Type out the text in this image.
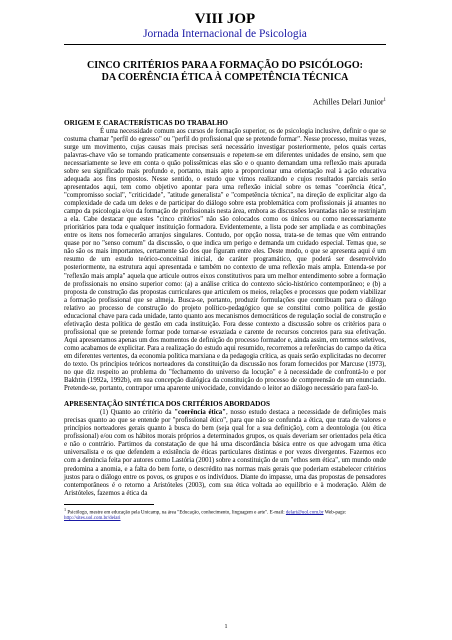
VIII JOP
Jornada Internacional de Psicologia
CINCO CRITÉRIOS PARA A FORMAÇÃO DO PSICÓLOGO:
DA COERÊNCIA ÉTICA À COMPETÊNCIA TÉCNICA
Achilles Delari Junior$^1$
ORIGEM E CARACTERÍSTICAS DO TRABALHO

É uma necessidade comum aos cursos de formação superior, os de psicologia inclusive, definir o que se costuma chamar "perfil do egresso" ou "perfil do profissional que se pretende formar". Nesse processo, muitas vezes, surge um movimento, cujas causas mais precisas será necessário investigar posteriormente, pelos quais certas palavras-chave vão se tornando praticamente consensuais e repetem-se em diferentes unidades de ensino, sem que necessariamente se leve em conta o quão polissêmicas elas são e o quanto demandam uma reflexão mais apurada sobre seu significado mais profundo e, portanto, mais apto a proporcionar uma orientação real à ação educativa adequada aos fins propostos. Nesse sentido, o estudo que vimos realizando e cujos resultados parciais serão apresentados aqui, tem como objetivo apontar para uma reflexão inicial sobre os temas "coerência ética", "compromisso social", "criticidade", "atitude generalista" e "competência técnica", na direção de explicitar algo da complexidade de cada um deles e de participar do diálogo sobre esta problemática com profissionais já atuantes no campo da psicologia e/ou da formação de profissionais nesta área, embora as discussões levantadas não se restrinjam a ela. Cabe destacar que estes "cinco critérios" não são colocados como os únicos ou como necessariamente prioritários para toda e qualquer instituição formadora. Evidentemente, a lista pode ser ampliada e as combinações entre os itens nos fornecerão arranjos singulares. Contudo, por opção nossa, trata-se de temas que vêm entrando quase por no "senso comum" da discussão, o que indica um perigo e demanda um cuidado especial. Temas que, se não são os mais importantes, certamente são dos que figuram entre eles. Deste modo, o que se apresenta aqui é um resumo de um estudo teórico-conceitual inicial, de caráter programático, que poderá ser desenvolvido posteriormente, na estrutura aqui apresentada e também no contexto de uma reflexão mais ampla. Entenda-se por "reflexão mais ampla" aquela que articule outros eixos constitutivos para um melhor entendimento sobre a formação de profissionais no ensino superior como: (a) a análise crítica do contexto sócio-histórico contemporâneo; e (b) a proposta de construção das propostas curriculares que articulem os meios, relações e processos que podem viabilizar a formação profissional que se almeja. Busca-se, portanto, produzir formulações que contribuam para o diálogo relativo ao processo de construção do projeto político-pedagógico que se constitui como política de gestão educacional chave para cada unidade, tanto quanto aos mecanismos democráticos de regulação social de construção e efetivação desta política de gestão em cada instituição. Fora desse contexto a discussão sobre os critérios para o profissional que se pretende formar pode tornar-se esvaziada e carente de recursos concretos para sua efetivação. Aqui apresentamos apenas um dos momentos de definição do processo formador e, ainda assim, em termos seletivos, como acabamos de explicitar. Para a realização do estudo aqui resumido, recorremos a referências do campo da ética em diferentes vertentes, da economia política marxiana e da pedagogia crítica, as quais serão explicitadas no decorrer do texto. Os princípios teóricos norteadores da constituição da discussão nos foram fornecidos por Marcuse (1973), no que diz respeito ao problema do "fechamento do universo da locução" e à necessidade de confrontá-lo e por Bakhtin (1992a, 1992b), em sua concepção dialógica da constituição do processo de compreensão de um enunciado. Pretende-se, portanto, contrapor uma aparente univocidade, convidando o leitor ao diálogo necessário para fazê-lo.

APRESENTAÇÃO SINTÉTICA DOS CRITÉRIOS ABORDADOS

(1) Quanto ao critério da "coerência ética", nosso estudo destaca a necessidade de definições mais precisas quanto ao que se entende por "profissional ético", para que não se confunda a ética, que trata de valores e princípios norteadores gerais quanto à busca do bem (seja qual for a sua definição), com a deontologia (ou ética profissional) e/ou com os hábitos morais próprios a determinados grupos, os quais deveriam ser orientados pela ética e não o contrário. Partimos da constatação de que há uma discordância básica entre os que advogam uma ética universalista e os que defendem a existência de éticas particulares distintas e por vezes divergentes. Fazemos eco com a denúncia feita por autores como Lastória (2001) sobre a constituição de um "ethos sem ética", um mundo onde predomina a anomia, e a falta do bem forte, o descrédito nas normas mais gerais que poderiam estabelecer critérios justos para o diálogo entre os povos, os grupos e os indivíduos. Diante do impasse, uma das propostas de pensadores contemporâneos é o retorno a Aristóteles (2003), com sua ética voltada ao equilíbrio e à moderação. Além de Aristóteles, fazemos a ética da

$^1$ Psicólogo, mestre em educação pela Unicamp, na área "Educação, conhecimento, linguagem e arte". E-mail: delari@uol.com.br Web-page: http://sites.uol.com.br/delari
1
